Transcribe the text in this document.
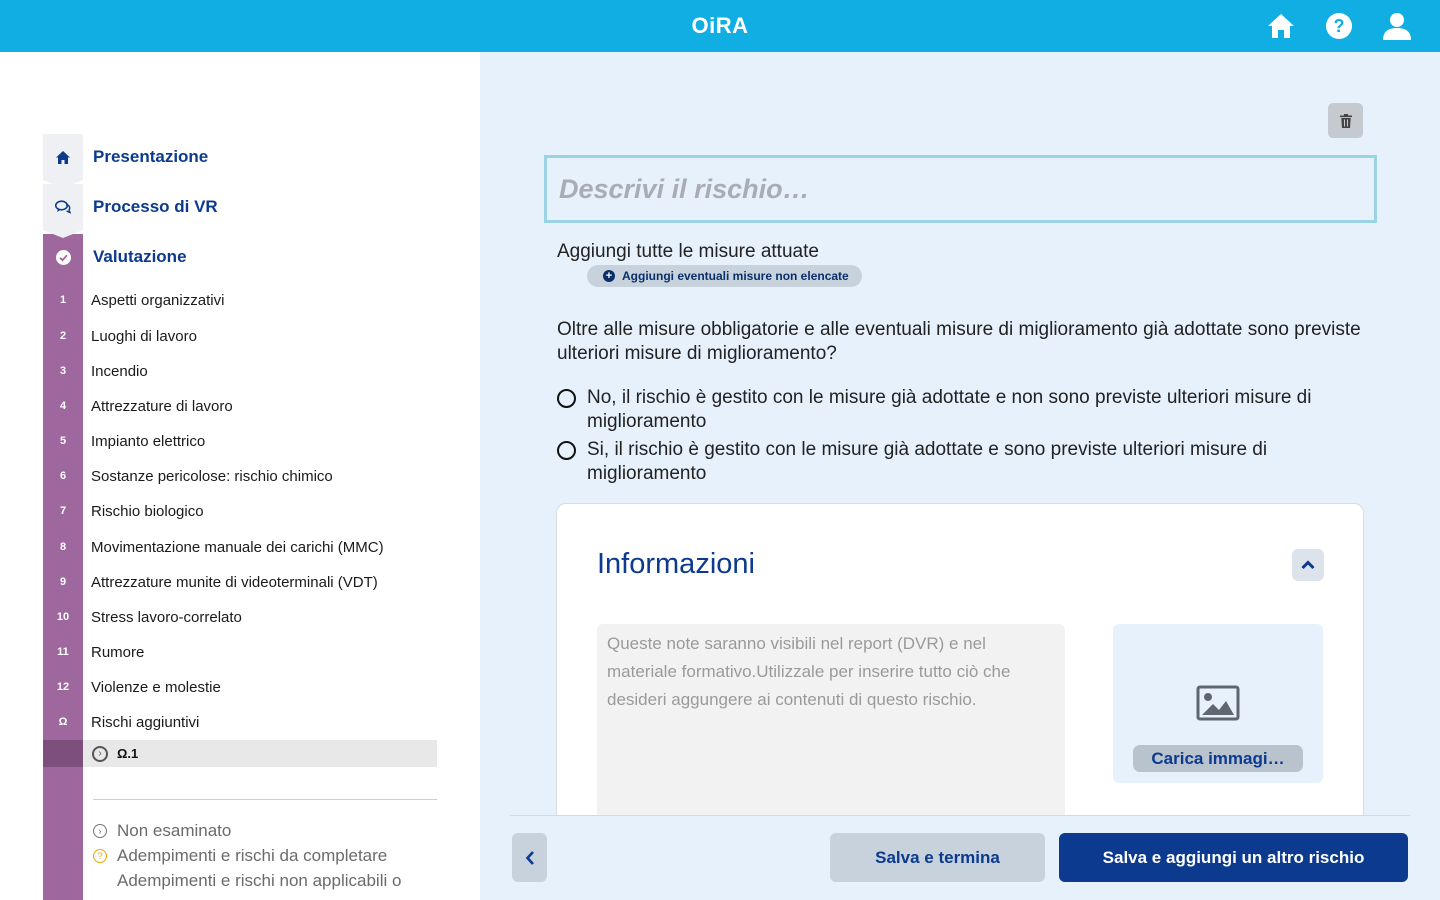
OiRA	?
Presentazione
Processo di VR
Valutazione
1	Aspetti organizzativi
2	Luoghi di lavoro
3	Incendio
4	Attrezzature di lavoro
5	Impianto elettrico
6	Sostanze pericolose: rischio chimico
7	Rischio biologico
8	Movimentazione manuale dei carichi (MMC)
9	Attrezzature munite di videoterminali (VDT)
10	Stress lavoro-correlato
11	Rumore
12	Violenze e molestie
Ω	Rischi aggiuntivi
›	Ω.1
› Non esaminato
? Adempimenti e rischi da completare
Adempimenti e rischi non applicabili o
Descrivi il rischio…
Aggiungi tutte le misure attuate
+ Aggiungi eventuali misure non elencate
Oltre alle misure obbligatorie e alle eventuali misure di miglioramento già adottate sono previste ulteriori misure di miglioramento?
No, il rischio è gestito con le misure già adottate e non sono previste ulteriori misure di miglioramento
Si, il rischio è gestito con le misure già adottate e sono previste ulteriori misure di miglioramento
Informazioni
Queste note saranno visibili nel report (DVR) e nel materiale formativo.Utilizzale per inserire tutto ciò che desideri aggungere ai contenuti di questo rischio.
Carica immagi…
Salva e termina	Salva e aggiungi un altro rischio
